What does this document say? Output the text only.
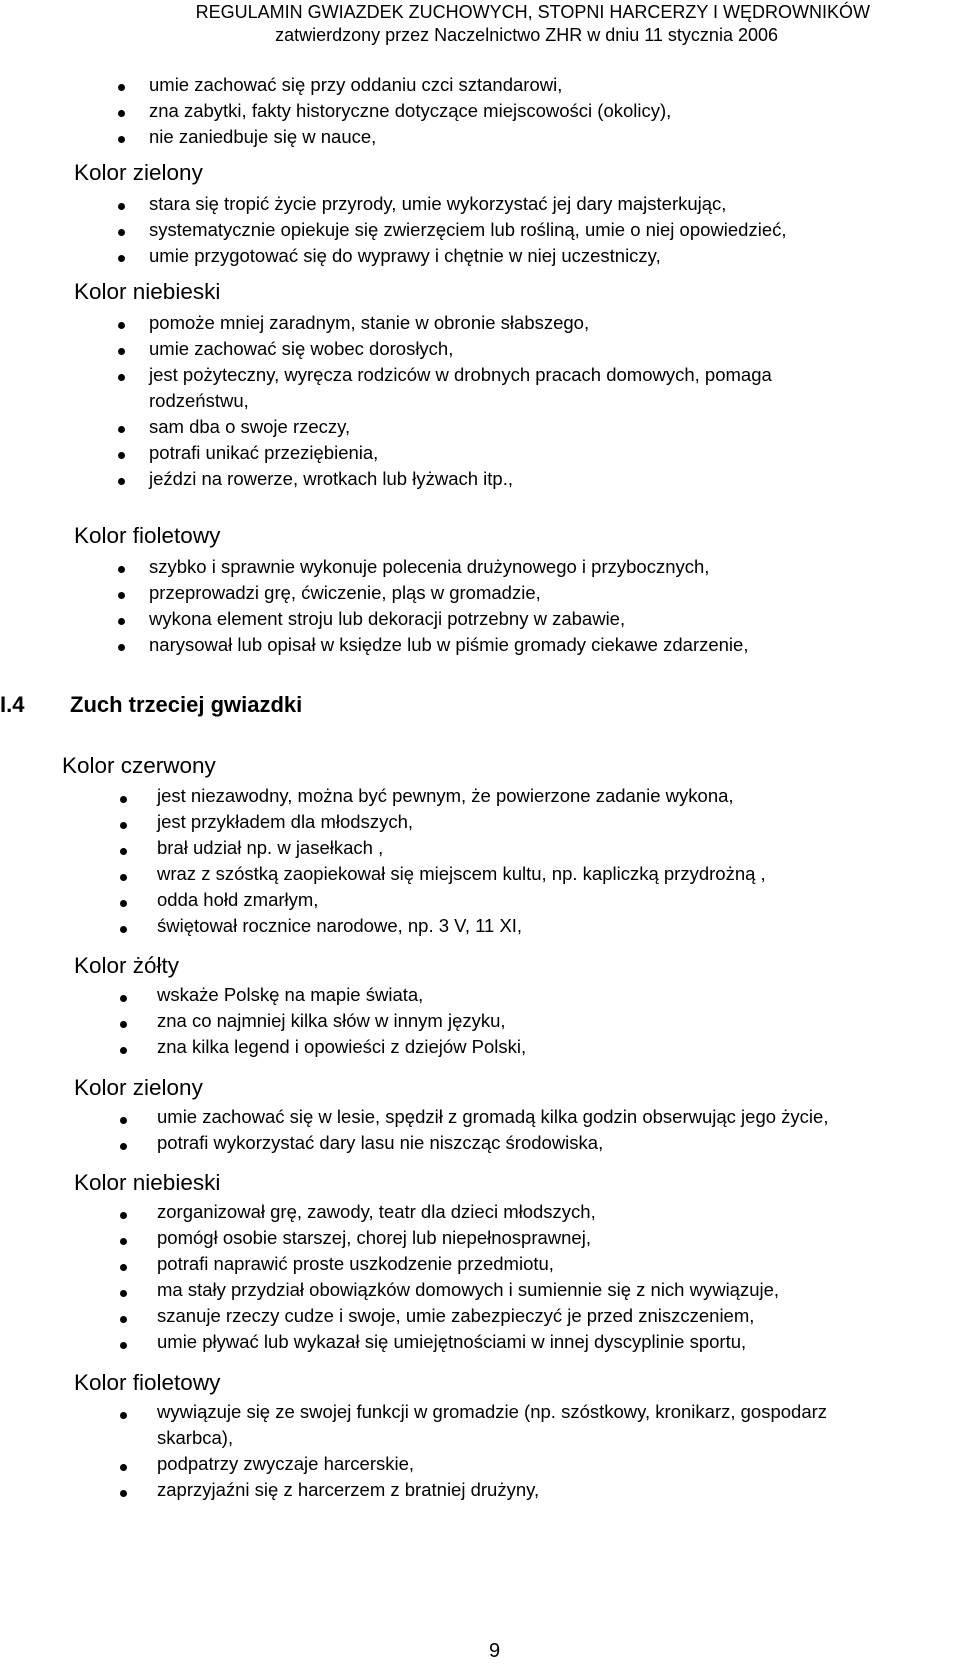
REGULAMIN GWIAZDEK ZUCHOWYCH, STOPNI HARCERZY I WĘDROWNIKÓW
zatwierdzony przez Naczelnictwo ZHR w dniu 11 stycznia 2006
umie zachować się przy oddaniu czci sztandarowi,
zna zabytki, fakty historyczne dotyczące miejscowości (okolicy),
nie zaniedbuje się w nauce,
Kolor zielony
stara się tropić życie przyrody, umie wykorzystać jej dary majsterkując,
systematycznie opiekuje się zwierzęciem lub rośliną, umie o niej opowiedzieć,
umie przygotować się do wyprawy i chętnie w niej uczestniczy,
Kolor niebieski
pomoże mniej zaradnym, stanie w obronie słabszego,
umie zachować się wobec dorosłych,
jest pożyteczny, wyręcza rodziców w drobnych pracach domowych, pomaga
rodzeństwu,
sam dba o swoje rzeczy,
potrafi unikać przeziębienia,
jeździ na rowerze, wrotkach lub łyżwach itp.,
Kolor fioletowy
szybko i sprawnie wykonuje polecenia drużynowego i przybocznych,
przeprowadzi grę, ćwiczenie, pląs w gromadzie,
wykona element stroju lub dekoracji potrzebny w zabawie,
narysował lub opisał w księdze lub w piśmie gromady ciekawe zdarzenie,
I.4 Zuch trzeciej gwiazdki
Kolor czerwony
jest niezawodny, można być pewnym, że powierzone zadanie wykona,
jest przykładem dla młodszych,
brał udział np. w jasełkach ,
wraz z szóstką zaopiekował się miejscem kultu, np. kapliczką przydrożną ,
odda hołd zmarłym,
świętował rocznice narodowe, np. 3 V, 11 XI,
Kolor żółty
wskaże Polskę na mapie świata,
zna co najmniej kilka słów w innym języku,
zna kilka legend i opowieści z dziejów Polski,
Kolor zielony
umie zachować się w lesie, spędził z gromadą kilka godzin obserwując jego życie,
potrafi wykorzystać dary lasu nie niszcząc środowiska,
Kolor niebieski
zorganizował grę, zawody, teatr dla dzieci młodszych,
pomógł osobie starszej, chorej lub niepełnosprawnej,
potrafi naprawić proste uszkodzenie przedmiotu,
ma stały przydział obowiązków domowych i sumiennie się z nich wywiązuje,
szanuje rzeczy cudze i swoje, umie zabezpieczyć je przed zniszczeniem,
umie pływać lub wykazał się umiejętnościami w innej dyscyplinie sportu,
Kolor fioletowy
wywiązuje się ze swojej funkcji w gromadzie (np. szóstkowy, kronikarz, gospodarz
skarbca),
podpatrzy zwyczaje harcerskie,
zaprzyjaźni się z harcerzem z bratniej drużyny,
9
